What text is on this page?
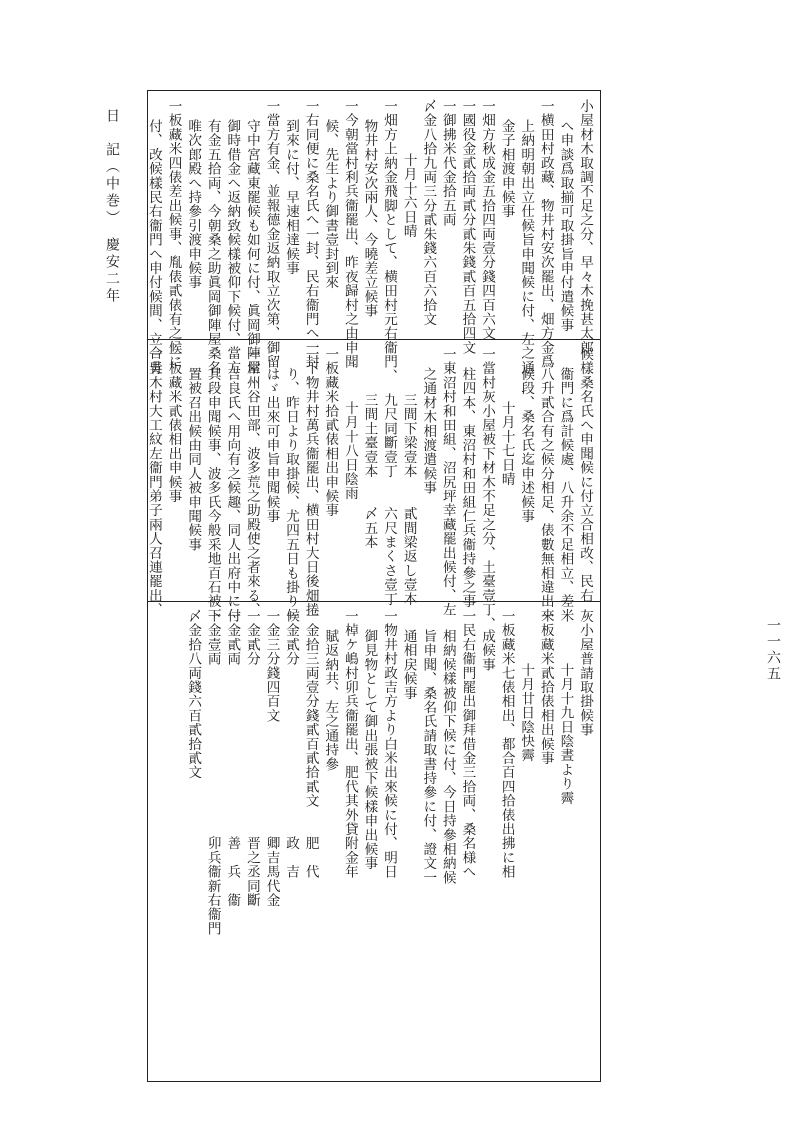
日　記（中巻）　慶安二年
一一六五
小屋材木取調不足之分、早々木挽甚太郎
へ申談爲取揃可取掛旨申付遣候事
一横田村政藏、物井村安次罷出、畑方金爲
上納明朝出立仕候旨申聞候に付、左之通
金子相渡申候事
一畑方秋成金五拾四両壹分錢四百六文
一國役金貳拾両貳分貳朱錢貳百五拾四文
一御拂米代金拾五両
〆金八拾九両三分貳朱錢六百六拾文
十月十六日晴
一畑方上納金飛脚として、横田村元右衞門、
物井村安次兩人、今曉差立候事
一今朝當村利兵衞罷出、昨夜歸村之由申聞
候、先生より御書壹封到來
一右同便に桑名氏へ一封、民右衞門へ一封
到來に付、早速相達候事
一當方有金、並報德金返納取立次第、御留
守中宮藏東罷候も如何に付、眞岡御陣屋
御時借金へ返納致候樣被仰下候付、當方
有金五拾両、今朝桑之助眞岡御陣屋桑名
唯次郎殿へ持參引渡申候事
一板藏米四俵差出候事、胤俵貳俵有之候に
付、改候樣民右衞門へ申付候間、立合吳
候樣桑名氏へ申聞候に付立合相改、民右
衞門に爲計候處、八升余不足相立、差米
八升貳合有之候分相足、俵數無相違出來
候段、桑名氏迄申述候事
十月十七日晴
一當村灰小屋被下材木不足之分、土臺壹丁、
柱四本、東沼村和田組仁兵衞持參之事
一東沼村和田組、沼尻坪幸藏罷出候付、左
之通材木相渡遣候事
三間下梁壹本　　貳間梁返し壹本
九尺同斷壹丁　　六尺まくさ壹丁
三間土臺壹本　　〆五本
十月十八日陰雨
一板藏米拾貳俵相出申候事
一下物井村萬兵衞罷出、横田村大日後畑捲
り、昨日より取掛候、尤四五日も掛り候
はゞ出來可申旨申聞候事
一常州谷田部、波多荒之助殿使之者來る、
吉良氏へ用向有之候趣、同人出府中に付
其段申聞候事、波多氏今般采地百石被下
置被召出候由同人被申聞候事
一板藏米貳俵相出申候事
一青木村大工紋左衞門弟子兩人召連罷出、
灰小屋普請取掛候事
十月十九日陰晝より霽
一板藏米貳拾俵相出候事
十月廿日陰快霽
一板藏米七俵相出、都合百四拾俵出拂に相
成候事
一民右衞門罷出御拜借金三拾両、桑名様へ
相納候樣被仰下候に付、今日持參相納候
旨申聞、桑名氏請取書持參に付、證文一
通相戻候事
一物井村政吉方より白米出來候に付、明日
御見物として御出張被下候樣申出候事
一棹ケ嶋村卯兵衞罷出、肥代其外貸附金年
賦返納共、左之通持參
一金拾三両壹分錢貳百貳拾貳文　　肥　代
一金貳分　　　　　　　　　　　　政　吉
一金三分錢四百文　　　　　　　　卿吉馬代金
一金貳分　　　　　　　　　　　　晋之丞同斷
一金貳両　　　　　　　　　　　　善　兵　衞
一金壹両　　　　　　　　　　　　卯兵衞新右衞門
〆金拾八両錢六百貳拾貳文
